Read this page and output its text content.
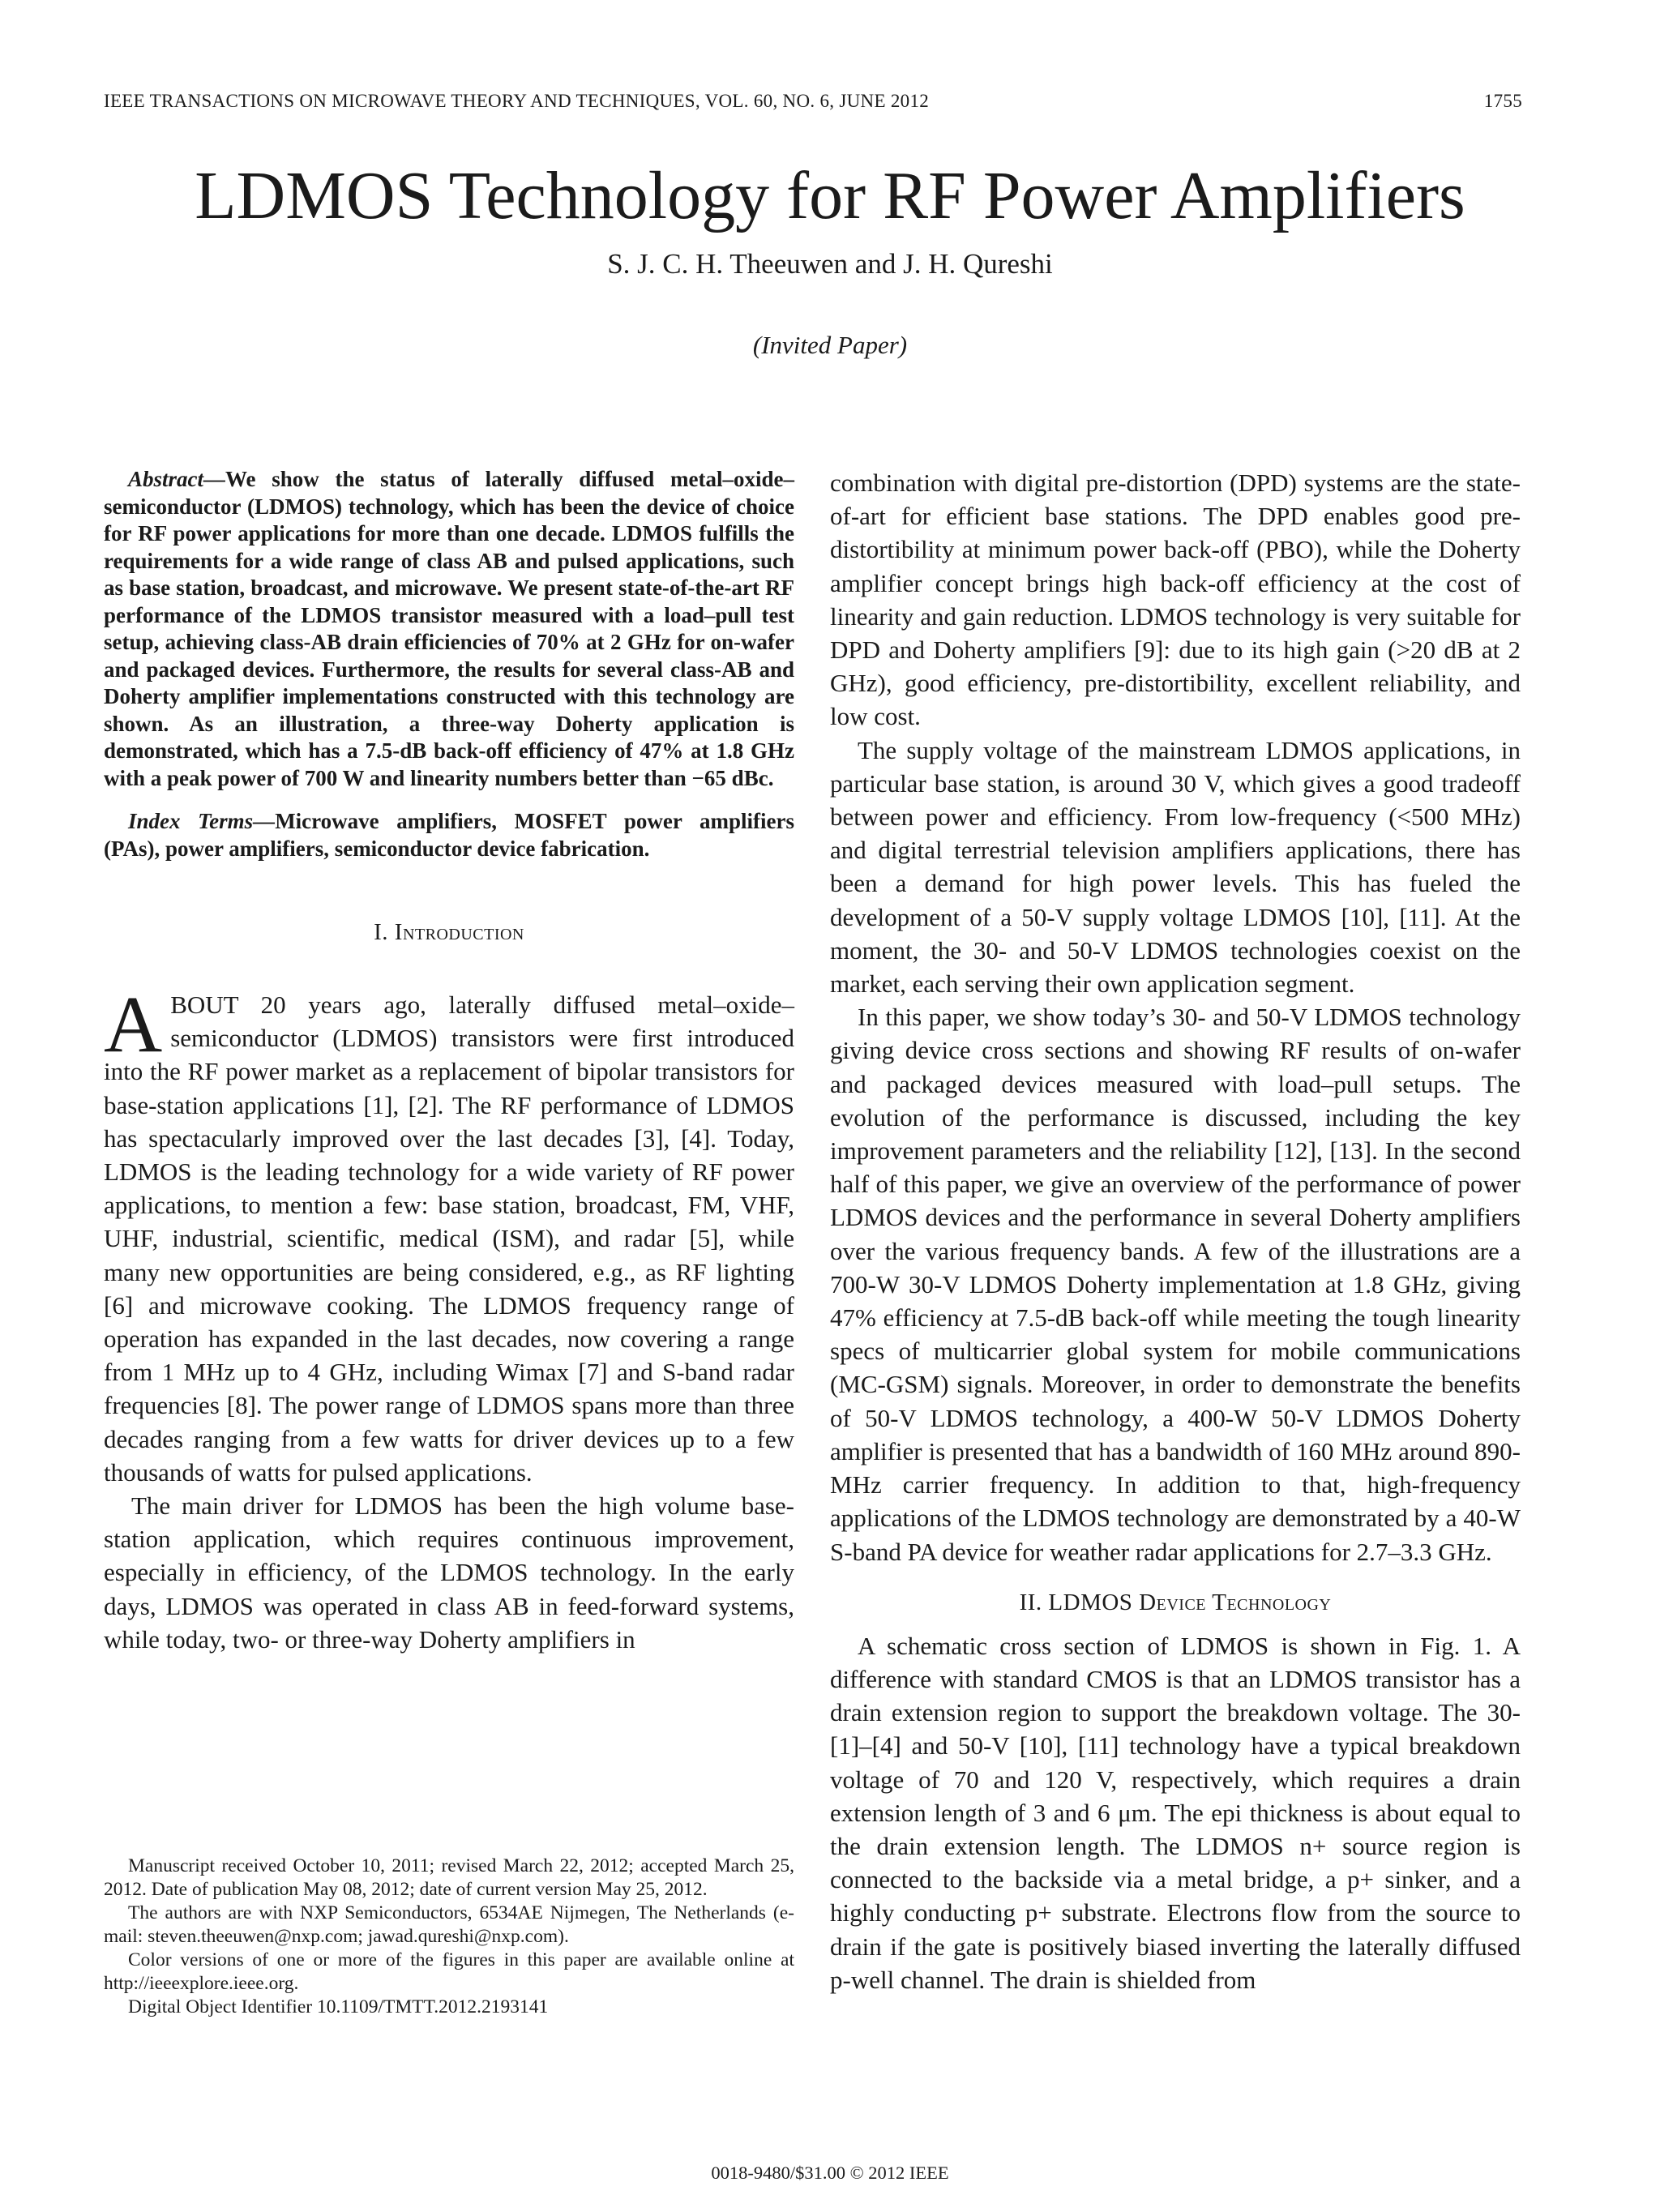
IEEE TRANSACTIONS ON MICROWAVE THEORY AND TECHNIQUES, VOL. 60, NO. 6, JUNE 2012	1755
LDMOS Technology for RF Power Amplifiers
S. J. C. H. Theeuwen and J. H. Qureshi
(Invited Paper)

Abstract—We show the status of laterally diffused metal–oxide–semiconductor (LDMOS) technology, which has been the device of choice for RF power applications for more than one decade. LDMOS fulfills the requirements for a wide range of class AB and pulsed applications, such as base station, broadcast, and microwave. We present state-of-the-art RF performance of the LDMOS transistor measured with a load–pull test setup, achieving class-AB drain efficiencies of 70% at 2 GHz for on-wafer and packaged devices. Furthermore, the results for several class-AB and Doherty amplifier implementations constructed with this technology are shown. As an illustration, a three-way Doherty application is demonstrated, which has a 7.5-dB back-off efficiency of 47% at 1.8 GHz with a peak power of 700 W and linearity numbers better than −65 dBc.

Index Terms—Microwave amplifiers, MOSFET power amplifiers (PAs), power amplifiers, semiconductor device fabrication.

I. Introduction

ABOUT 20 years ago, laterally diffused metal–oxide–semiconductor (LDMOS) transistors were first introduced into the RF power market as a replacement of bipolar transistors for base-station applications [1], [2]. The RF performance of LDMOS has spectacularly improved over the last decades [3], [4]. Today, LDMOS is the leading technology for a wide variety of RF power applications, to mention a few: base station, broadcast, FM, VHF, UHF, industrial, scientific, medical (ISM), and radar [5], while many new opportunities are being considered, e.g., as RF lighting [6] and microwave cooking. The LDMOS frequency range of operation has expanded in the last decades, now covering a range from 1 MHz up to 4 GHz, including Wimax [7] and S-band radar frequencies [8]. The power range of LDMOS spans more than three decades ranging from a few watts for driver devices up to a few thousands of watts for pulsed applications.

The main driver for LDMOS has been the high volume base-station application, which requires continuous improvement, especially in efficiency, of the LDMOS technology. In the early days, LDMOS was operated in class AB in feed-forward systems, while today, two- or three-way Doherty amplifiers in

Manuscript received October 10, 2011; revised March 22, 2012; accepted March 25, 2012. Date of publication May 08, 2012; date of current version May 25, 2012.

The authors are with NXP Semiconductors, 6534AE Nijmegen, The Netherlands (e-mail: steven.theeuwen@nxp.com; jawad.qureshi@nxp.com).

Color versions of one or more of the figures in this paper are available online at http://ieeexplore.ieee.org.

Digital Object Identifier 10.1109/TMTT.2012.2193141

combination with digital pre-distortion (DPD) systems are the state-of-art for efficient base stations. The DPD enables good pre-distortibility at minimum power back-off (PBO), while the Doherty amplifier concept brings high back-off efficiency at the cost of linearity and gain reduction. LDMOS technology is very suitable for DPD and Doherty amplifiers [9]: due to its high gain (>20 dB at 2 GHz), good efficiency, pre-distortibility, excellent reliability, and low cost.

The supply voltage of the mainstream LDMOS applications, in particular base station, is around 30 V, which gives a good tradeoff between power and efficiency. From low-frequency (<500 MHz) and digital terrestrial television amplifiers applications, there has been a demand for high power levels. This has fueled the development of a 50-V supply voltage LDMOS [10], [11]. At the moment, the 30- and 50-V LDMOS technologies coexist on the market, each serving their own application segment.

In this paper, we show today’s 30- and 50-V LDMOS technology giving device cross sections and showing RF results of on-wafer and packaged devices measured with load–pull setups. The evolution of the performance is discussed, including the key improvement parameters and the reliability [12], [13]. In the second half of this paper, we give an overview of the performance of power LDMOS devices and the performance in several Doherty amplifiers over the various frequency bands. A few of the illustrations are a 700-W 30-V LDMOS Doherty implementation at 1.8 GHz, giving 47% efficiency at 7.5-dB back-off while meeting the tough linearity specs of multicarrier global system for mobile communications (MC-GSM) signals. Moreover, in order to demonstrate the benefits of 50-V LDMOS technology, a 400-W 50-V LDMOS Doherty amplifier is presented that has a bandwidth of 160 MHz around 890-MHz carrier frequency. In addition to that, high-frequency applications of the LDMOS technology are demonstrated by a 40-W S-band PA device for weather radar applications for 2.7–3.3 GHz.

II. LDMOS Device Technology

A schematic cross section of LDMOS is shown in Fig. 1. A difference with standard CMOS is that an LDMOS transistor has a drain extension region to support the breakdown voltage. The 30- [1]–[4] and 50-V [10], [11] technology have a typical breakdown voltage of 70 and 120 V, respectively, which requires a drain extension length of 3 and 6 μm. The epi thickness is about equal to the drain extension length. The LDMOS n+ source region is connected to the backside via a metal bridge, a p+ sinker, and a highly conducting p+ substrate. Electrons flow from the source to drain if the gate is positively biased inverting the laterally diffused p-well channel. The drain is shielded from

0018-9480/$31.00 © 2012 IEEE
